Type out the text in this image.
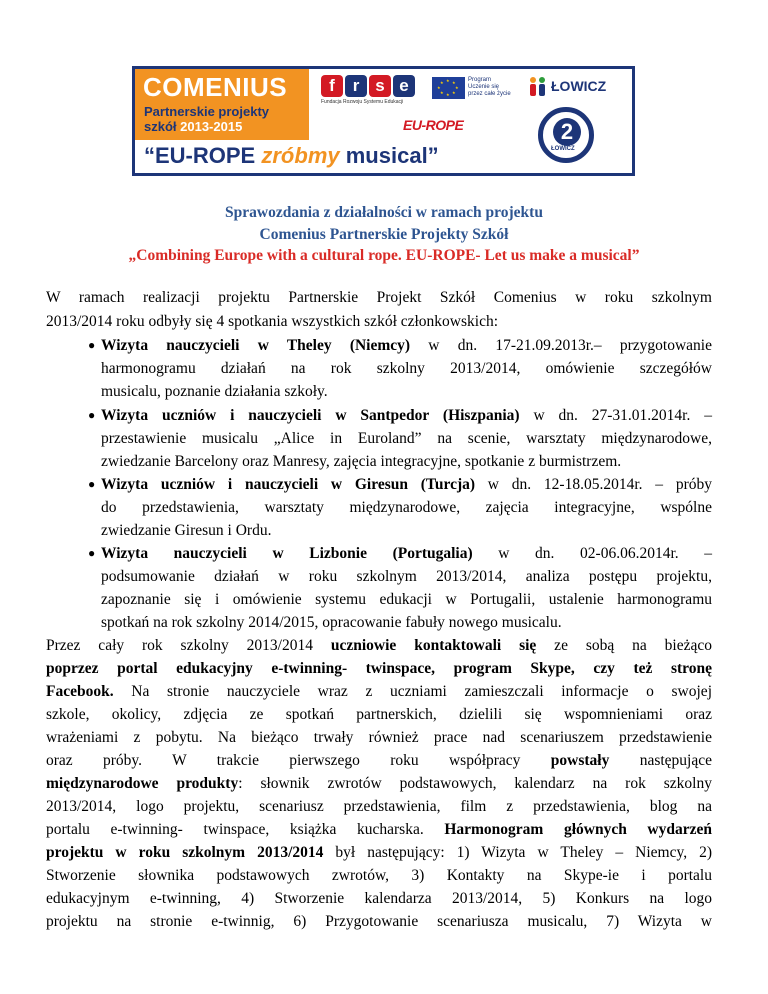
COMENIUS
Partnerskie projekty
szkół 2013-2015
“EU-ROPE zróbmy musical”
f	r s e
Fundacja Rozwoju Systemu Edukacji
★ ★
★
★
★
★
★
★	Program
Uczenie się
przez całe życie	ŁOWICZ
EU-ROPE	2
ŁOWICZ
Sprawozdania z działalności w ramach projektu
Comenius Partnerskie Projekty Szkół
„Combining Europe with a cultural rope. EU-ROPE- Let us make a musical”
W ramach realizacji projektu Partnerskie Projekt Szkół Comenius w roku szkolnym
2013/2014 roku odbyły się 4 spotkania wszystkich szkół członkowskich:
● Wizyta nauczycieli w Theley (Niemcy) w dn. 17-21.09.2013r.– przygotowanie
harmonogramu działań na rok szkolny 2013/2014, omówienie szczegółów
musicalu, poznanie działania szkoły.
● Wizyta uczniów i nauczycieli w Santpedor (Hiszpania) w dn. 27-31.01.2014r. –
przestawienie musicalu „Alice in Euroland” na scenie, warsztaty międzynarodowe,
zwiedzanie Barcelony oraz Manresy, zajęcia integracyjne, spotkanie z burmistrzem.
● Wizyta uczniów i nauczycieli w Giresun (Turcja) w dn. 12-18.05.2014r. – próby
do przedstawienia, warsztaty międzynarodowe, zajęcia integracyjne, wspólne
zwiedzanie Giresun i Ordu.
● Wizyta nauczycieli w Lizbonie (Portugalia) w dn. 02-06.06.2014r. –
podsumowanie działań w roku szkolnym 2013/2014, analiza postępu projektu,
zapoznanie się i omówienie systemu edukacji w Portugalii, ustalenie harmonogramu
spotkań na rok szkolny 2014/2015, opracowanie fabuły nowego musicalu.
Przez cały rok szkolny 2013/2014 uczniowie kontaktowali się ze sobą na bieżąco
poprzez portal edukacyjny e-twinning- twinspace, program Skype, czy też stronę
Facebook. Na stronie nauczyciele wraz z uczniami zamieszczali informacje o swojej
szkole, okolicy, zdjęcia ze spotkań partnerskich, dzielili się wspomnieniami oraz
wrażeniami z pobytu. Na bieżąco trwały również prace nad scenariuszem przedstawienie
oraz próby. W trakcie pierwszego roku współpracy powstały następujące
międzynarodowe produkty: słownik zwrotów podstawowych, kalendarz na rok szkolny
2013/2014, logo projektu, scenariusz przedstawienia, film z przedstawienia, blog na
portalu e-twinning- twinspace, książka kucharska. Harmonogram głównych wydarzeń
projektu w roku szkolnym 2013/2014 był następujący: 1) Wizyta w Theley – Niemcy, 2)
Stworzenie słownika podstawowych zwrotów, 3) Kontakty na Skype-ie i portalu
edukacyjnym e-twinning, 4) Stworzenie kalendarza 2013/2014, 5) Konkurs na logo
projektu na stronie e-twinnig, 6) Przygotowanie scenariusza musicalu, 7) Wizyta w
